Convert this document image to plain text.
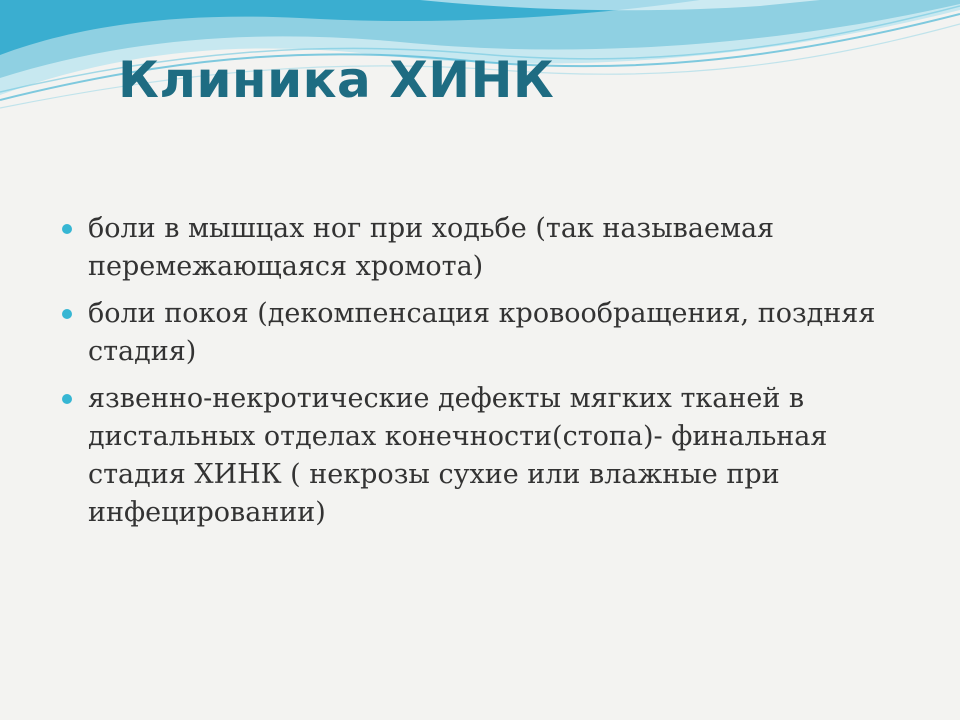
Клиника ХИНК
боли в мышцах ног при ходьбе (так называемая перемежающаяся хромота)
боли покоя (декомпенсация кровообращения, поздняя стадия)
язвенно-некротические дефекты мягких тканей в дистальных отделах конечности(стопа)- финальная стадия ХИНК ( некрозы сухие или влажные при инфецировании)
